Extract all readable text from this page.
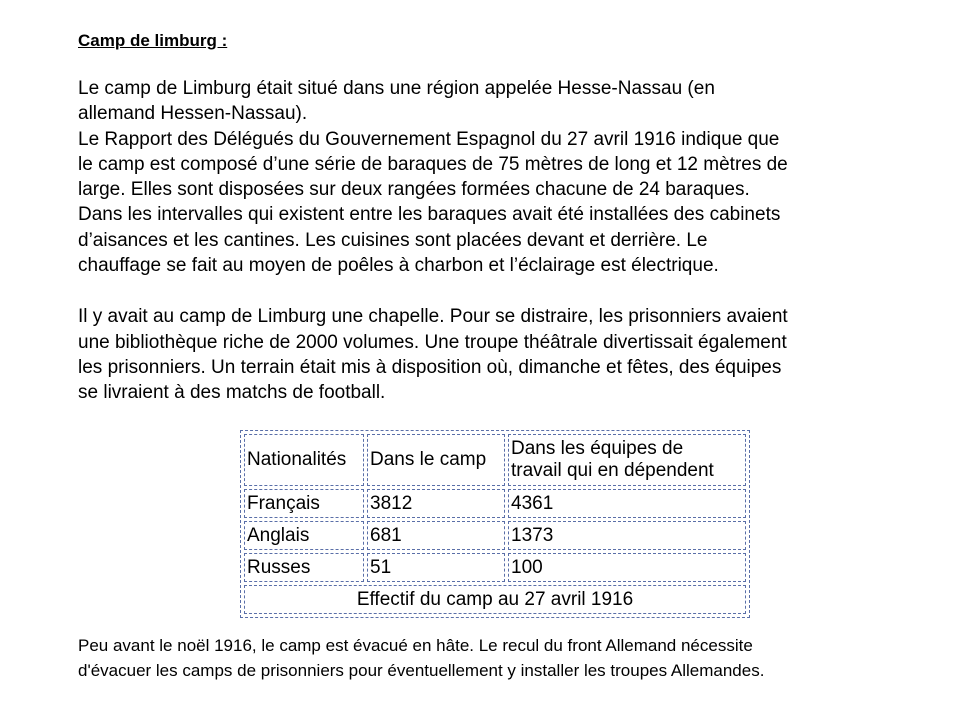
Camp de limburg :

Le camp de Limburg était situé dans une région appelée Hesse-Nassau (en
allemand Hessen-Nassau).
Le Rapport des Délégués du Gouvernement Espagnol du 27 avril 1916 indique que
le camp est composé d’une série de baraques de 75 mètres de long et 12 mètres de
large. Elles sont disposées sur deux rangées formées chacune de 24 baraques.
Dans les intervalles qui existent entre les baraques avait été installées des cabinets
d’aisances et les cantines. Les cuisines sont placées devant et derrière. Le
chauffage se fait au moyen de poêles à charbon et l’éclairage est électrique.

Il y avait au camp de Limburg une chapelle. Pour se distraire, les prisonniers avaient
une bibliothèque riche de 2000 volumes. Une troupe théâtrale divertissait également
les prisonniers. Un terrain était mis à disposition où, dimanche et fêtes, des équipes
se livraient à des matchs de football.

Nationalités	Dans le camp	Dans les équipes de
travail qui en dépendent
Français	3812	4361
Anglais	681	1373
Russes	51	100
Effectif du camp au 27 avril 1916		

Peu avant le noël 1916, le camp est évacué en hâte. Le recul du front Allemand nécessite
d'évacuer les camps de prisonniers pour éventuellement y installer les troupes Allemandes.
